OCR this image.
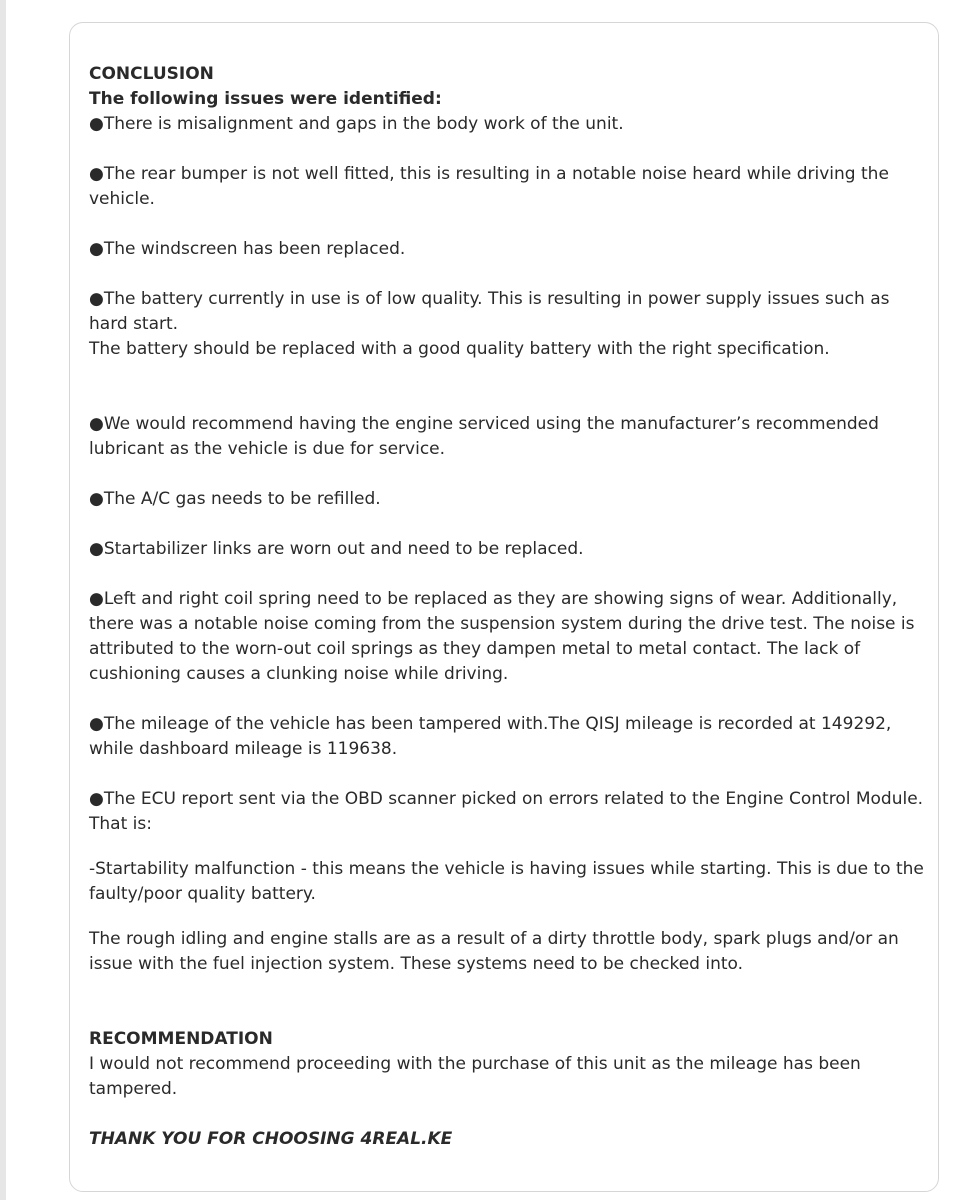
CONCLUSION

The following issues were identified:

●There is misalignment and gaps in the body work of the unit.

●The rear bumper is not well fitted, this is resulting in a notable noise heard while driving the vehicle.

●The windscreen has been replaced.

●The battery currently in use is of low quality. This is resulting in power supply issues such as hard start.

The battery should be replaced with a good quality battery with the right specification.

●We would recommend having the engine serviced using the manufacturer’s recommended lubricant as the vehicle is due for service.

●The A/C gas needs to be refilled.

●Startabilizer links are worn out and need to be replaced.

●Left and right coil spring need to be replaced as they are showing signs of wear. Additionally, there was a notable noise coming from the suspension system during the drive test. The noise is attributed to the worn-out coil springs as they dampen metal to metal contact. The lack of cushioning causes a clunking noise while driving.

●The mileage of the vehicle has been tampered with.The QISJ mileage is recorded at 149292, while dashboard mileage is 119638.

●The ECU report sent via the OBD scanner picked on errors related to the Engine Control Module. That is:

-Startability malfunction - this means the vehicle is having issues while starting. This is due to the faulty/poor quality battery.

The rough idling and engine stalls are as a result of a dirty throttle body, spark plugs and/or an issue with the fuel injection system. These systems need to be checked into.

RECOMMENDATION

I would not recommend proceeding with the purchase of this unit as the mileage has been tampered.

THANK YOU FOR CHOOSING 4REAL.KE
